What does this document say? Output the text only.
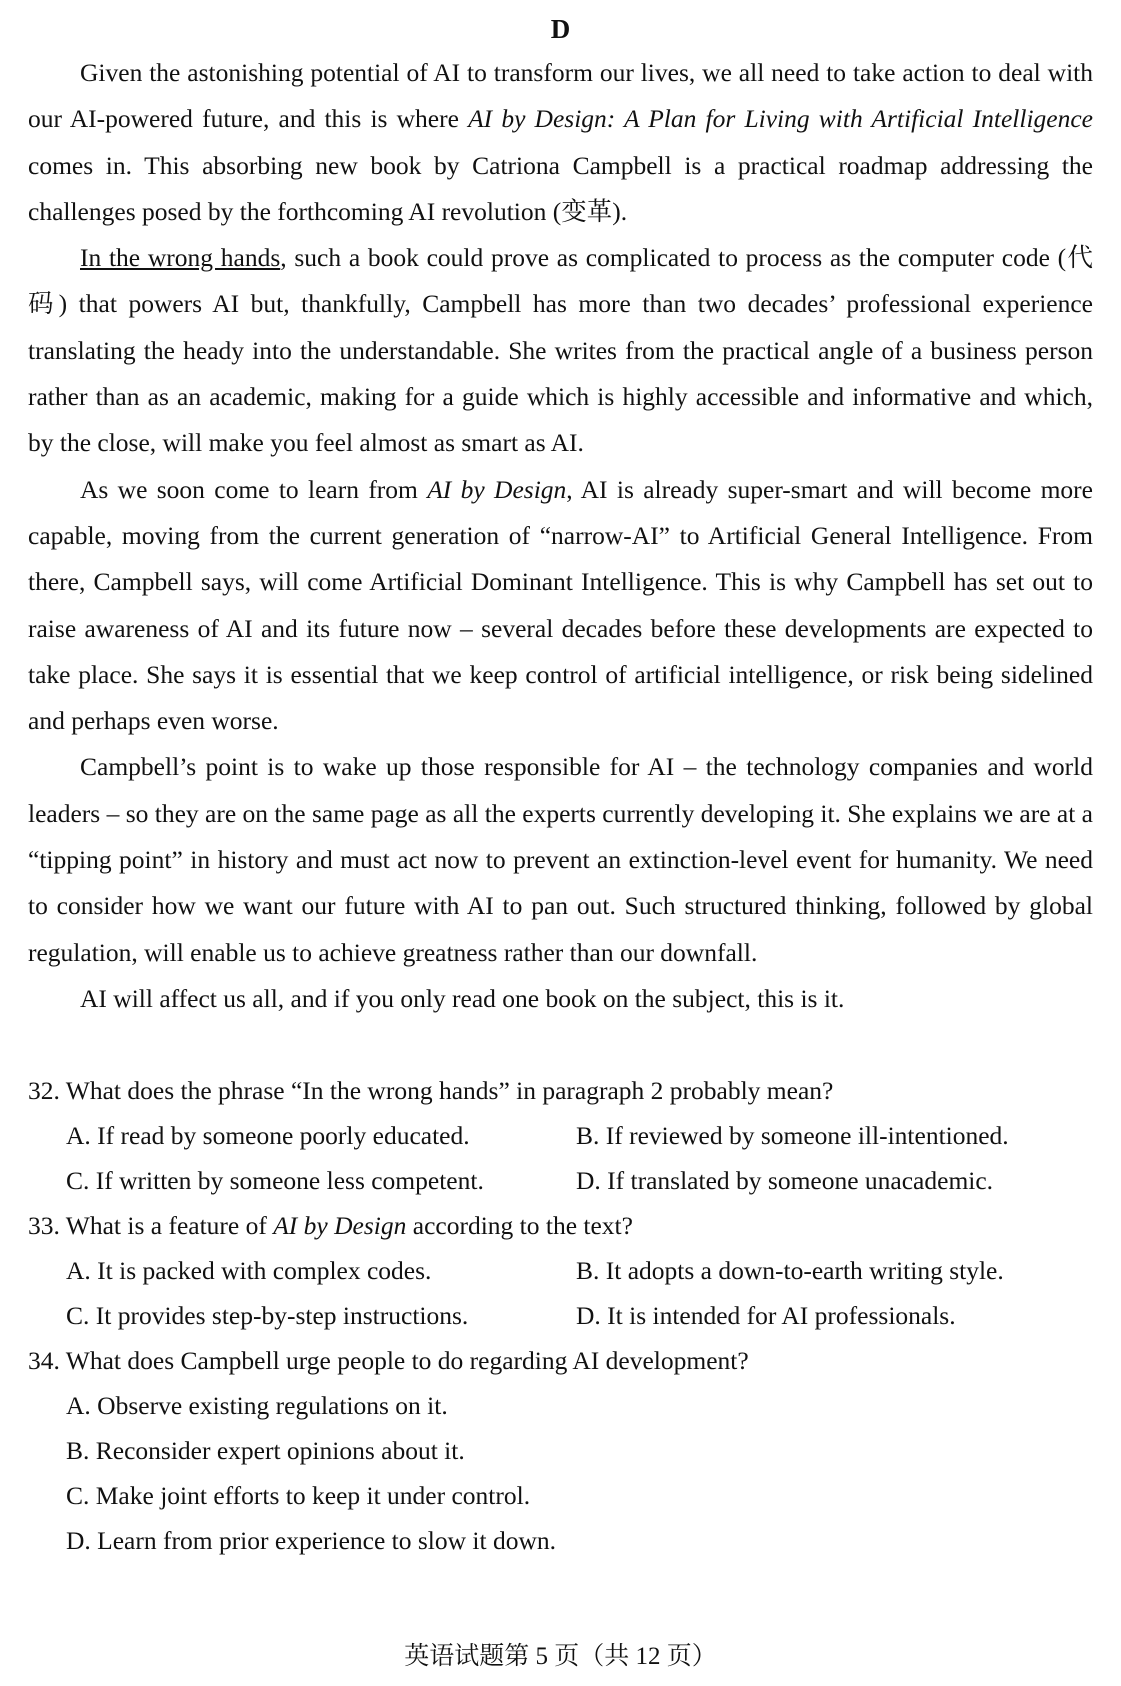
D

Given the astonishing potential of AI to transform our lives, we all need to take action to deal with our AI-powered future, and this is where AI by Design: A Plan for Living with Artificial Intelligence comes in. This absorbing new book by Catriona Campbell is a practical roadmap addressing the challenges posed by the forthcoming AI revolution (变革).

In the wrong hands, such a book could prove as complicated to process as the computer code (代码) that powers AI but, thankfully, Campbell has more than two decades’ professional experience translating the heady into the understandable. She writes from the practical angle of a business person rather than as an academic, making for a guide which is highly accessible and informative and which, by the close, will make you feel almost as smart as AI.

As we soon come to learn from AI by Design, AI is already super-smart and will become more capable, moving from the current generation of “narrow-AI” to Artificial General Intelligence. From there, Campbell says, will come Artificial Dominant Intelligence. This is why Campbell has set out to raise awareness of AI and its future now – several decades before these developments are expected to take place. She says it is essential that we keep control of artificial intelligence, or risk being sidelined and perhaps even worse.

Campbell’s point is to wake up those responsible for AI – the technology companies and world leaders – so they are on the same page as all the experts currently developing it. She explains we are at a “tipping point” in history and must act now to prevent an extinction-level event for humanity. We need to consider how we want our future with AI to pan out. Such structured thinking, followed by global regulation, will enable us to achieve greatness rather than our downfall.

AI will affect us all, and if you only read one book on the subject, this is it.

32. What does the phrase “In the wrong hands” in paragraph 2 probably mean?

A. If read by someone poorly educated.	B. If reviewed by someone ill-intentioned.

C. If written by someone less competent.	D. If translated by someone unacademic.

33. What is a feature of AI by Design according to the text?

A. It is packed with complex codes.	B. It adopts a down-to-earth writing style.

C. It provides step-by-step instructions.	D. It is intended for AI professionals.

34. What does Campbell urge people to do regarding AI development?

A. Observe existing regulations on it.

B. Reconsider expert opinions about it.

C. Make joint efforts to keep it under control.

D. Learn from prior experience to slow it down.

英语试题第 5 页（共 12 页）
